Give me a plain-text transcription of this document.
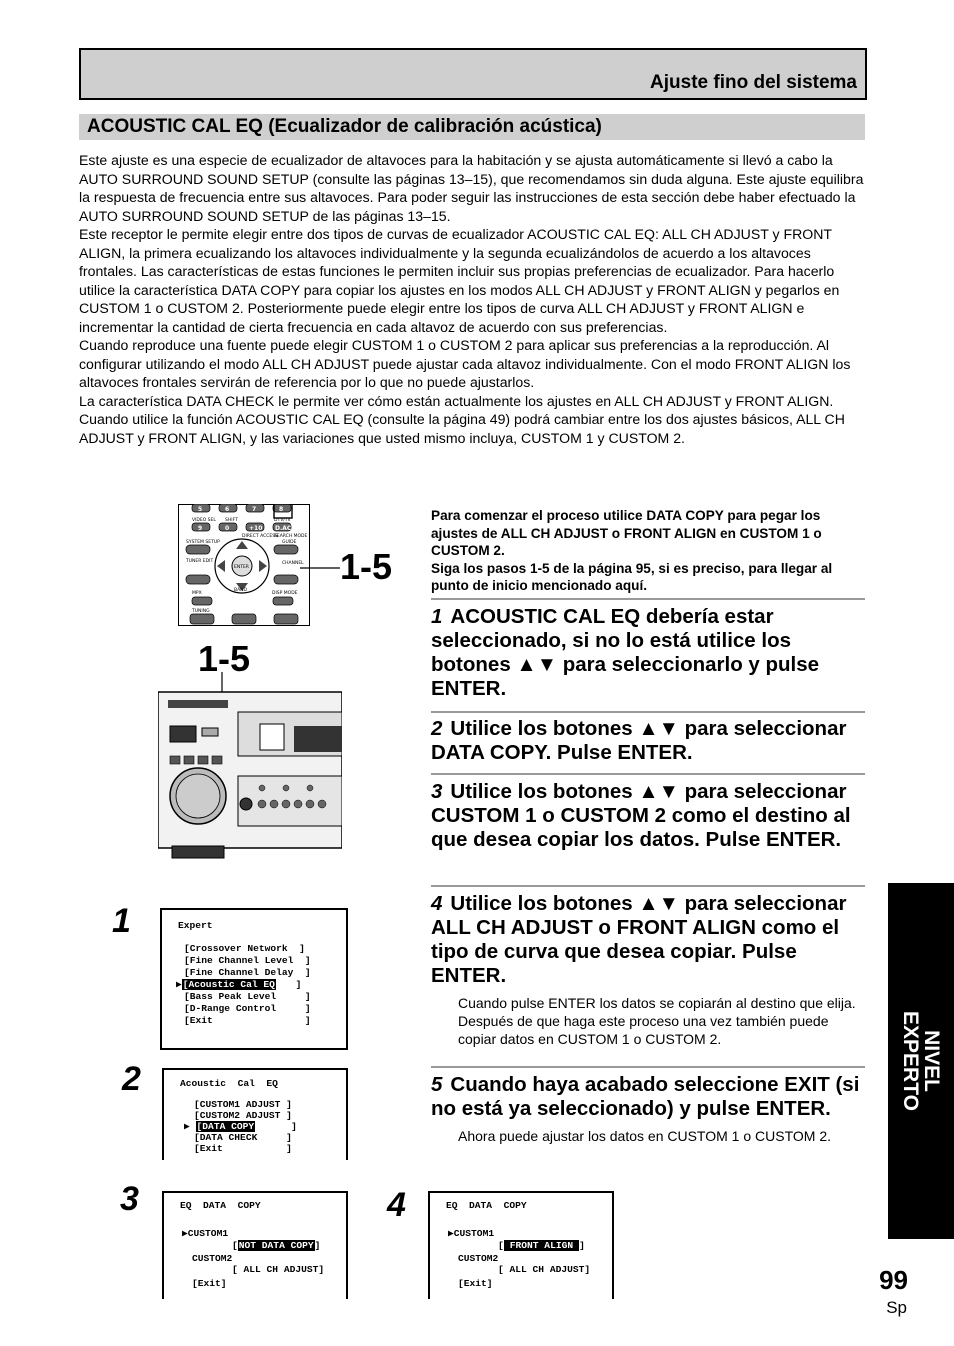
Ajuste fino del sistema
ACOUSTIC CAL EQ (Ecualizador de calibración acústica)

Este ajuste es una especie de ecualizador de altavoces para la habitación y se ajusta automáticamente si llevó a cabo la AUTO SURROUND SOUND SETUP (consulte las páginas 13–15), que recomendamos sin duda alguna. Este ajuste equilibra la respuesta de frecuencia entre sus altavoces. Para poder seguir las instrucciones de esta sección debe haber efectuado la AUTO SURROUND SOUND SETUP de las páginas 13–15.

Este receptor le permite elegir entre dos tipos de curvas de ecualizador ACOUSTIC CAL EQ: ALL CH ADJUST y FRONT ALIGN, la primera ecualizando los altavoces individualmente y la segunda ecualizándolos de acuerdo a los altavoces frontales. Las características de estas funciones le permiten incluir sus propias preferencias de ecualizador. Para hacerlo utilice la característica DATA COPY para copiar los ajustes en los modos ALL CH ADJUST y FRONT ALIGN y pegarlos en CUSTOM 1 o CUSTOM 2. Posteriormente puede elegir entre los tipos de curva ALL CH ADJUST y FRONT ALIGN e incrementar la cantidad de cierta frecuencia en cada altavoz de acuerdo con sus preferencias.

Cuando reproduce una fuente puede elegir CUSTOM 1 o CUSTOM 2 para aplicar sus preferencias a la reproducción. Al configurar utilizando el modo ALL CH ADJUST puede ajustar cada altavoz individualmente. Con el modo FRONT ALIGN los altavoces frontales servirán de referencia por lo que no puede ajustarlos.

La característica DATA CHECK le permite ver cómo están actualmente los ajustes en ALL CH ADJUST y FRONT ALIGN.

Cuando utilice la función ACOUSTIC CAL EQ (consulte la página 49) podrá cambiar entre los dos ajustes básicos, ALL CH ADJUST y FRONT ALIGN, y las variaciones que usted mismo incluya, CUSTOM 1 y CUSTOM 2.

VIDEO SEL SHIFT	DTV/TV
SYSTEM SETUP
DIRECT ACCESS
SEARCH MODE
GUIDE
TUNER EDIT
ENTER
BAND
CHANNEL
MPX	DISP MODE
TUNING
5	6	7	8
9	0	+10 D.ACC
1-5
1-5
1	Expert
[Crossover Network  ]
[Fine Channel Level  ]
[Fine Channel Delay  ]
▶[Acoustic Cal EQ ]
[Bass Peak Level     ]
[D-Range Control     ]
[Exit                ]
2	Acoustic  Cal  EQ
[CUSTOM1 ADJUST ]
[CUSTOM2 ADJUST ]
▶ [DATA COPY	]
[DATA CHECK     ]
[Exit           ]
3	EQ  DATA  COPY
▶CUSTOM1
[NOT DATA COPY]
CUSTOM2
[ ALL CH ADJUST]
[Exit]
4	EQ  DATA  COPY
▶CUSTOM1
[ FRONT ALIGN ]
CUSTOM2
[ ALL CH ADJUST]
[Exit]

Para comenzar el proceso utilice DATA COPY para pegar los ajustes de ALL CH ADJUST o FRONT ALIGN en CUSTOM 1 o CUSTOM 2.

Siga los pasos 1-5 de la página 95, si es preciso, para llegar al punto de inicio mencionado aquí.

1 ACOUSTIC CAL EQ debería estar seleccionado, si no lo está utilice los botones ▲▼ para seleccionarlo y pulse ENTER.
2 Utilice los botones ▲▼ para seleccionar DATA COPY. Pulse ENTER.
3 Utilice los botones ▲▼ para seleccionar CUSTOM 1 o CUSTOM 2 como el destino al que desea copiar los datos. Pulse ENTER.
4 Utilice los botones ▲▼ para seleccionar ALL CH ADJUST o FRONT ALIGN como el tipo de curva que desea copiar. Pulse ENTER.

Cuando pulse ENTER los datos se copiarán al destino que elija.

Después de que haga este proceso una vez también puede copiar datos en CUSTOM 1 o CUSTOM 2.

5 Cuando haya acabado seleccione EXIT (si no está ya seleccionado) y pulse ENTER.

Ahora puede ajustar los datos en CUSTOM 1 o CUSTOM 2.

NIVEL
EXPERTO
99
Sp
